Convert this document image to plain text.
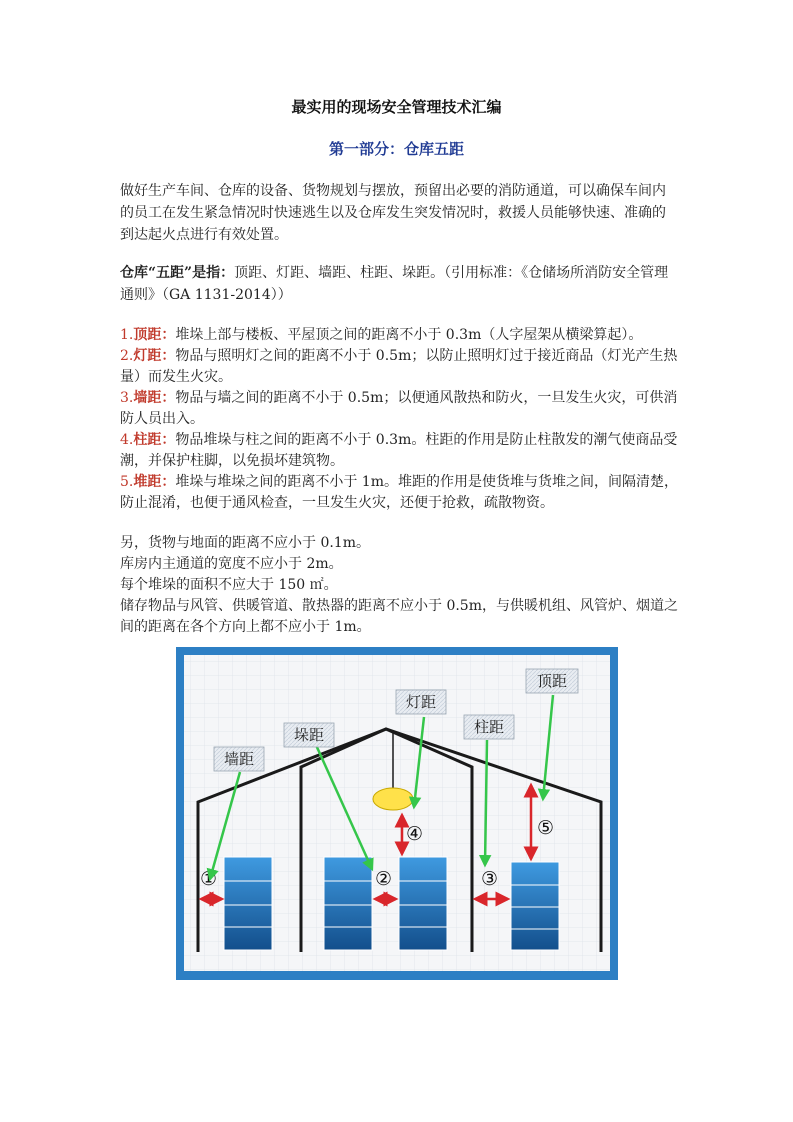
最实用的现场安全管理技术汇编
第一部分：仓库五距

做好生产车间、仓库的设备、货物规划与摆放，预留出必要的消防通道，可以确保车间内的员工在发生紧急情况时快速逃生以及仓库发生突发情况时，救援人员能够快速、准确的到达起火点进行有效处置。

仓库“五距”是指：顶距、灯距、墙距、柱距、垛距。（引用标准：《仓储场所消防安全管理通则》（GA 1131-2014））

1.顶距：堆垛上部与楼板、平屋顶之间的距离不小于 0.3m（人字屋架从横梁算起）。
2.灯距：物品与照明灯之间的距离不小于 0.5m；以防止照明灯过于接近商品（灯光产生热量）而发生火灾。
3.墙距：物品与墙之间的距离不小于 0.5m；以便通风散热和防火，一旦发生火灾，可供消防人员出入。
4.柱距：物品堆垛与柱之间的距离不小于 0.3m。柱距的作用是防止柱散发的潮气使商品受潮，并保护柱脚，以免损坏建筑物。
5.堆距：堆垛与堆垛之间的距离不小于 1m。堆距的作用是使货堆与货堆之间，间隔清楚，防止混淆，也便于通风检查，一旦发生火灾，还便于抢救，疏散物资。
另，货物与地面的距离不应小于 0.1m。
库房内主通道的宽度不应小于 2m。
每个堆垛的面积不应大于 150 ㎡。
储存物品与风管、供暖管道、散热器的距离不应小于 0.5m，与供暖机组、风管炉、烟道之间的距离在各个方向上都不应小于 1m。
①	②	③
④	⑤
墙距
垛距
灯距
柱距
顶距
